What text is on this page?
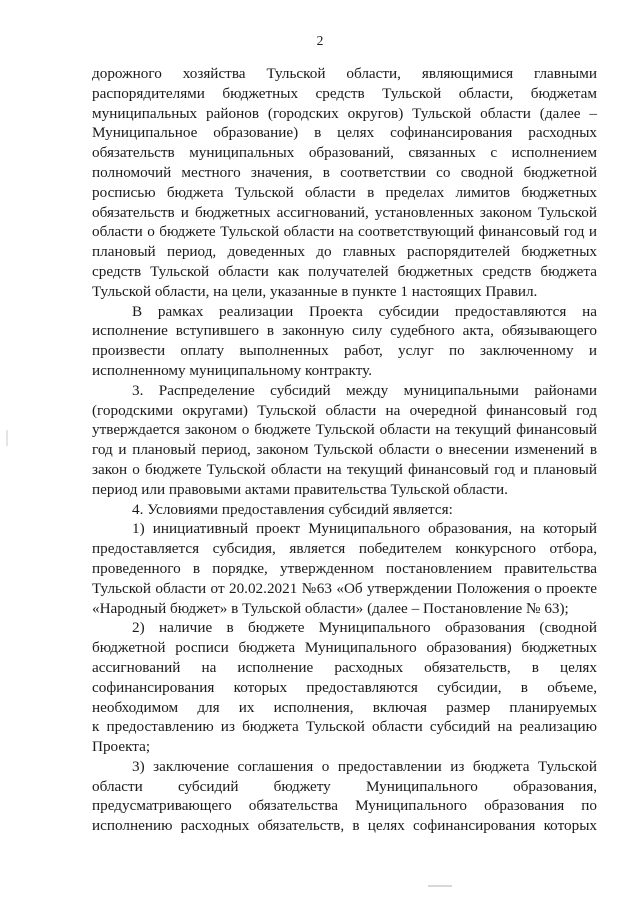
2

дорожного хозяйства Тульской области, являющимися главными

распорядителями бюджетных средств Тульской области, бюджетам

муниципальных районов (городских округов) Тульской области (далее –

Муниципальное образование) в целях софинансирования расходных

обязательств муниципальных образований, связанных с исполнением

полномочий местного значения, в соответствии со сводной бюджетной

росписью бюджета Тульской области в пределах лимитов бюджетных

обязательств и бюджетных ассигнований, установленных законом Тульской

области о бюджете Тульской области на соответствующий финансовый год и

плановый период, доведенных до главных распорядителей бюджетных

средств Тульской области как получателей бюджетных средств бюджета

Тульской области, на цели, указанные в пункте 1 настоящих Правил.

В рамках реализации Проекта субсидии предоставляются на

исполнение вступившего в законную силу судебного акта, обязывающего

произвести оплату выполненных работ, услуг по заключенному и

исполненному муниципальному контракту.

3. Распределение субсидий между муниципальными районами

(городскими округами) Тульской области на очередной финансовый год

утверждается законом о бюджете Тульской области на текущий финансовый

год и плановый период, законом Тульской области о внесении изменений в

закон о бюджете Тульской области на текущий финансовый год и плановый

период или правовыми актами правительства Тульской области.

4. Условиями предоставления субсидий является:

1) инициативный проект Муниципального образования, на который

предоставляется субсидия, является победителем конкурсного отбора,

проведенного в порядке, утвержденном постановлением правительства

Тульской области от 20.02.2021 №63 «Об утверждении Положения о проекте

«Народный бюджет» в Тульской области» (далее – Постановление № 63);

2) наличие в бюджете Муниципального образования (сводной

бюджетной росписи бюджета Муниципального образования) бюджетных

ассигнований на исполнение расходных обязательств, в целях

софинансирования которых предоставляются субсидии, в объеме,

необходимом для их исполнения, включая размер планируемых

к предоставлению из бюджета Тульской области субсидий на реализацию

Проекта;

3) заключение соглашения о предоставлении из бюджета Тульской

области субсидий бюджету Муниципального образования,

предусматривающего обязательства Муниципального образования по

исполнению расходных обязательств, в целях софинансирования которых
